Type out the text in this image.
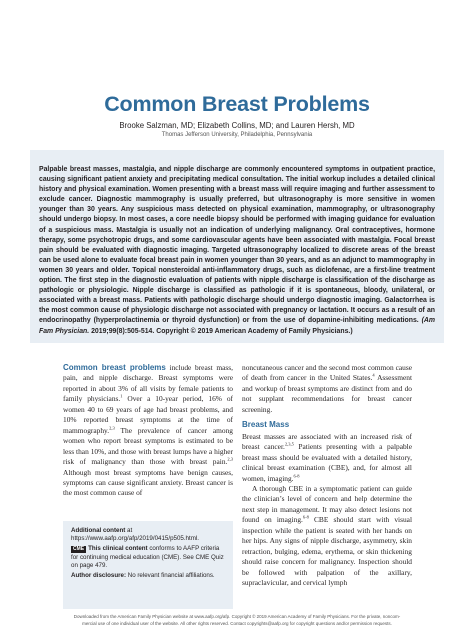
Common Breast Problems
Brooke Salzman, MD; Elizabeth Collins, MD; and Lauren Hersh, MD
Thomas Jefferson University, Philadelphia, Pennsylvania
Palpable breast masses, mastalgia, and nipple discharge are commonly encountered symptoms in outpatient practice, causing significant patient anxiety and precipitating medical consultation. The initial workup includes a detailed clinical history and physical examination. Women presenting with a breast mass will require imaging and further assessment to exclude cancer. Diagnostic mammography is usually preferred, but ultrasonography is more sensitive in women younger than 30 years. Any suspicious mass detected on physical examination, mammography, or ultrasonography should undergo biopsy. In most cases, a core needle biopsy should be performed with imaging guidance for evaluation of a suspicious mass. Mastalgia is usually not an indication of underlying malignancy. Oral contraceptives, hormone therapy, some psychotropic drugs, and some cardiovascular agents have been associated with mastalgia. Focal breast pain should be evaluated with diagnostic imaging. Targeted ultrasonography localized to discrete areas of the breast can be used alone to evaluate focal breast pain in women younger than 30 years, and as an adjunct to mammography in women 30 years and older. Topical nonsteroidal anti-inflammatory drugs, such as diclofenac, are a first-line treatment option. The first step in the diagnostic evaluation of patients with nipple discharge is classification of the discharge as pathologic or physiologic. Nipple discharge is classified as pathologic if it is spontaneous, bloody, unilateral, or associated with a breast mass. Patients with pathologic discharge should undergo diagnostic imaging. Galactorrhea is the most common cause of physiologic discharge not associated with pregnancy or lactation. It occurs as a result of an endocrinopathy (hyperprolactinemia or thyroid dysfunction) or from the use of dopamine-inhibiting medications. (Am Fam Physician. 2019;99(8):505-514. Copyright © 2019 American Academy of Family Physicians.)

Common breast problems include breast mass, pain, and nipple discharge. Breast symptoms were reported in about 3% of all visits by female patients to family physicians.$^1$ Over a 10-year period, 16% of women 40 to 69 years of age had breast problems, and 10% reported breast symptoms at the time of mammography.$^{2,3}$ The prevalence of cancer among women who report breast symptoms is estimated to be less than 10%, and those with breast lumps have a higher risk of malignancy than those with breast pain.$^{2,3}$ Although most breast symptoms have benign causes, symptoms can cause significant anxiety. Breast cancer is the most common cause of

Additional content at https://www.aafp.org/afp/2019/0415/p505.html.

CME This clinical content conforms to AAFP criteria for continuing medical education (CME). See CME Quiz on page 479.

Author disclosure: No relevant financial affiliations.

noncutaneous cancer and the second most common cause of death from cancer in the United States.$^4$ Assessment and workup of breast symptoms are distinct from and do not supplant recommendations for breast cancer screening.

Breast Mass

Breast masses are associated with an increased risk of breast cancer.$^{2,3,5}$ Patients presenting with a palpable breast mass should be evaluated with a detailed history, clinical breast examination (CBE), and, for almost all women, imaging.$^{6-8}$

A thorough CBE in a symptomatic patient can guide the clinician’s level of concern and help determine the next step in management. It may also detect lesions not found on imaging.$^{6-8}$ CBE should start with visual inspection while the patient is seated with her hands on her hips. Any signs of nipple discharge, asymmetry, skin retraction, bulging, edema, erythema, or skin thickening should raise concern for malignancy. Inspection should be followed with palpation of the axillary, supraclavicular, and cervical lymph

Downloaded from the American Family Physician website at www.aafp.org/afp. Copyright © 2019 American Academy of Family Physicians. For the private, noncom-
mercial use of one individual user of the website. All other rights reserved. Contact copyrights@aafp.org for copyright questions and/or permission requests.
